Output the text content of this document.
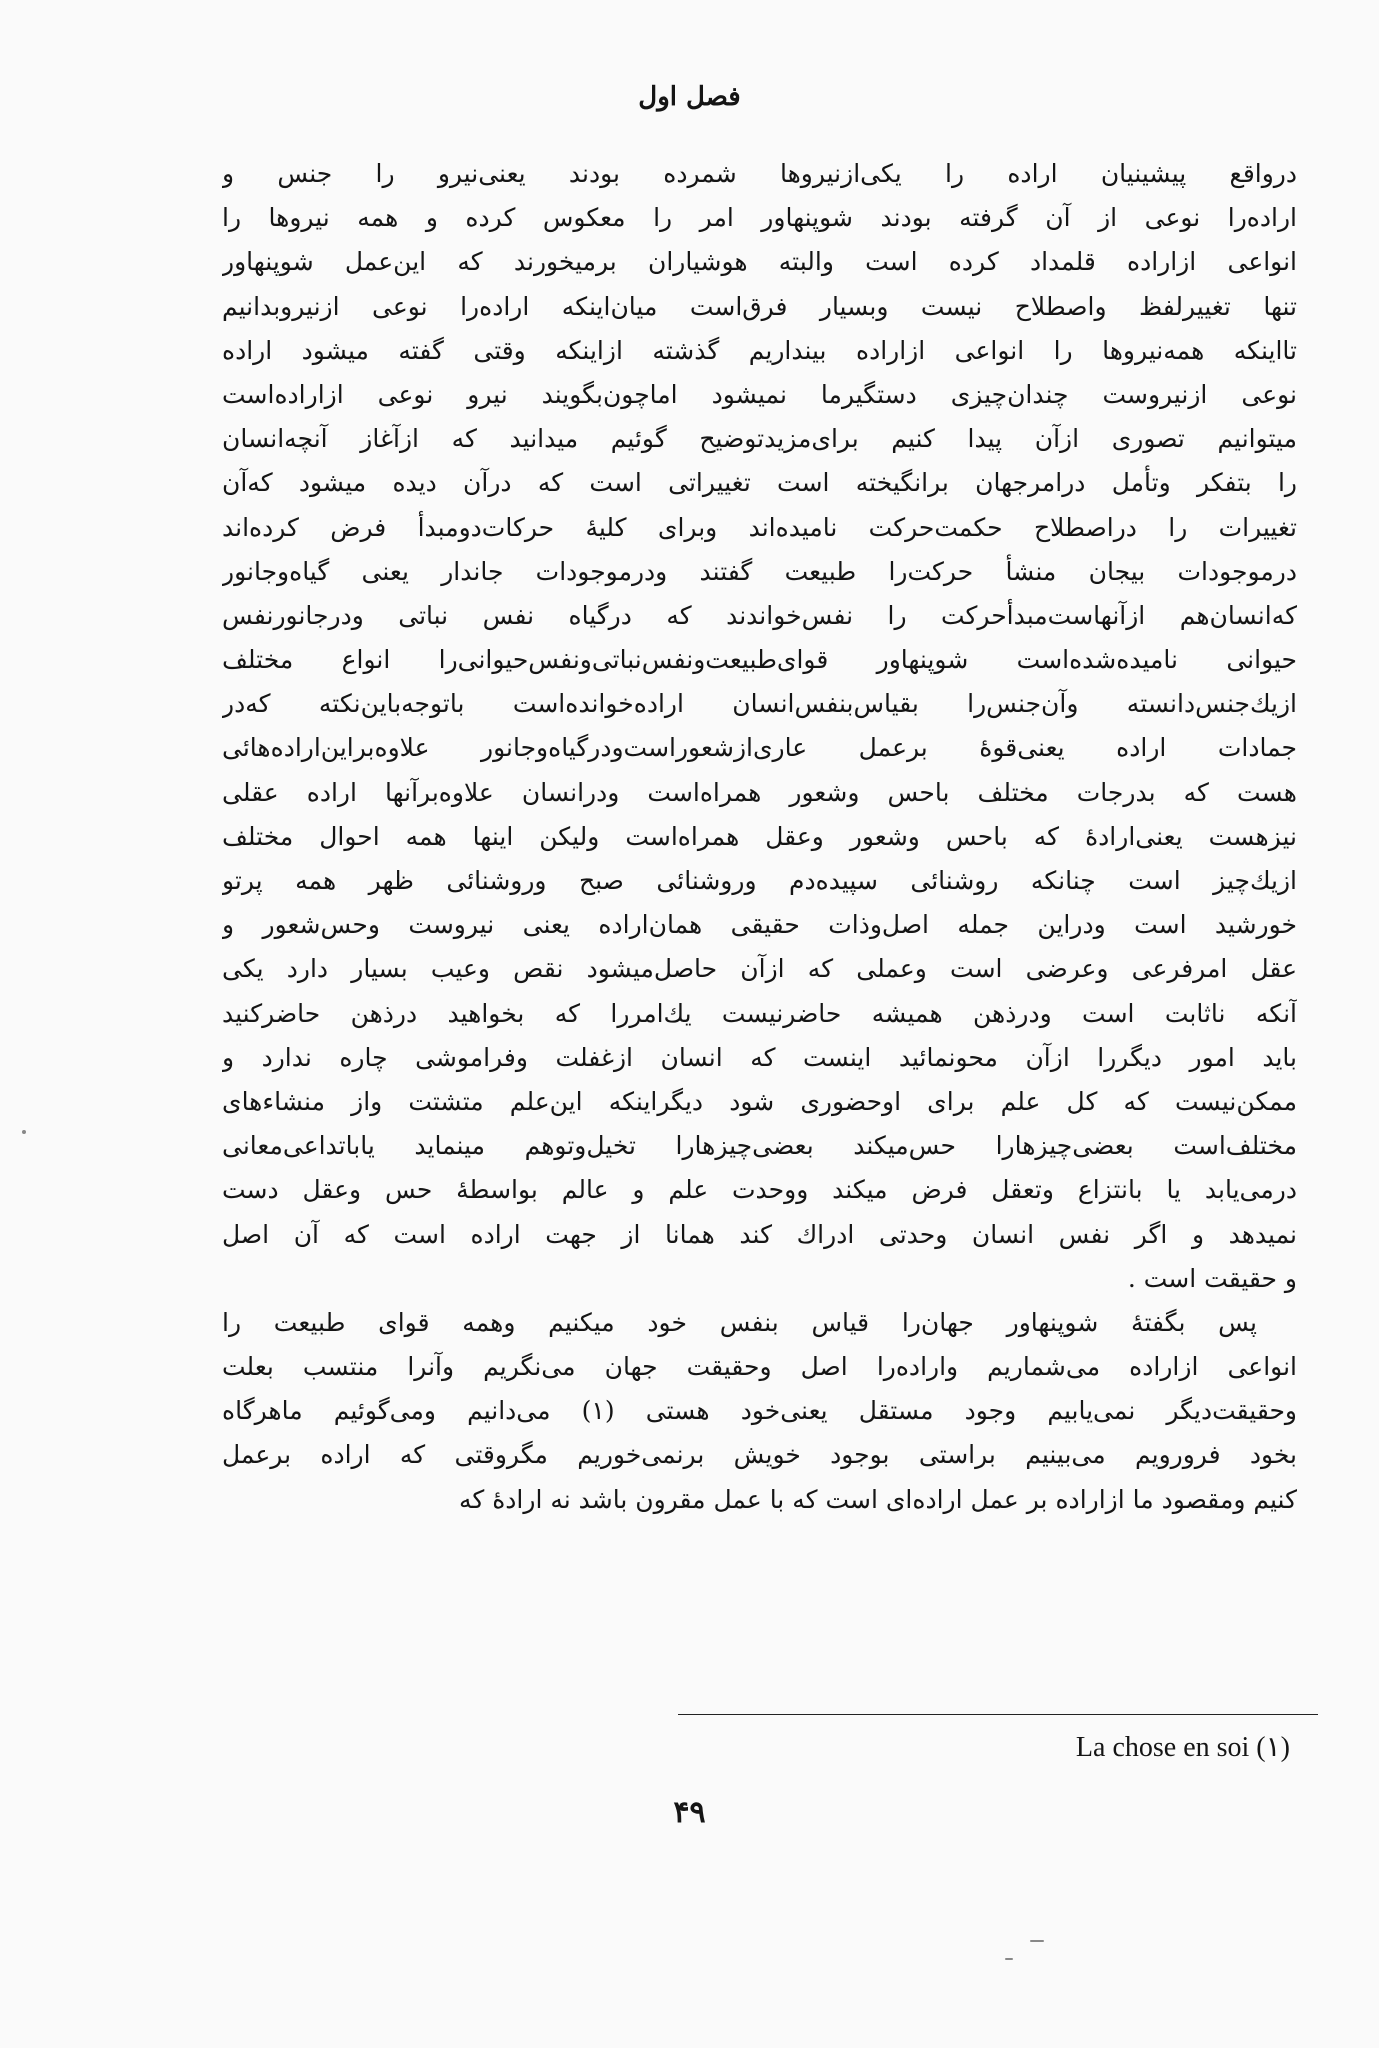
فصل اول
درواقع پیشینیان اراده را یکی‌ازنیروها شمرده بودند یعنی‌نیرو را جنس و
اراده‌را نوعی از آن گرفته بودند شوپنهاور امر را معکوس کرده و همه نیروها را
انواعی ازاراده قلمداد کرده است والبته هوشیاران برمیخورند که این‌عمل شوپنهاور
تنها تغییرلفظ واصطلاح نیست وبسیار فرق‌است میان‌اینکه اراده‌را نوعی ازنیروبدانیم
تااینکه همه‌نیروها را انواعی ازاراده بینداریم گذشته ازاینکه وقتی گفته میشود اراده
نوعی ازنیروست چندان‌چیزی دستگیرما نمیشود اماچون‌بگویند نیرو نوعی ازاراده‌است
میتوانیم تصوری ازآن پیدا کنیم برای‌مزید‌توضیح گوئیم میدانید که ازآغاز آنچه‌انسان
را بتفکر وتأمل درامرجهان برانگیخته است تغییراتی است که درآن دیده میشود که‌آن
تغییرات را دراصطلاح حکمت‌حرکت نامیده‌اند وبرای کلیهٔ حرکات‌دومبدأ فرض کرده‌اند
درموجودات بیجان منشأ حرکت‌را طبیعت گفتند ودرموجودات جاندار یعنی گیاه‌وجانور
که‌انسان‌هم ازآنهاست‌مبدأحرکت را نفس‌خواندند که درگیاه نفس نباتی ودرجانورنفس
حیوانی نامیده‌شده‌است شوپنهاور قوای‌طبیعت‌ونفس‌نباتی‌ونفس‌حیوانی‌را انواع مختلف
ازیك‌جنس‌دانسته وآن‌جنس‌را بقیاس‌بنفس‌انسان اراده‌خوانده‌است باتوجه‌باین‌نکته که‌در
جمادات اراده یعنی‌قوهٔ برعمل عاری‌ازشعوراست‌ودرگیاه‌وجانور علاوه‌براین‌اراده‌هائی
هست که بدرجات مختلف باحس وشعور همراه‌است ودرانسان علاوه‌برآنها اراده عقلی
نیزهست یعنی‌ارادهٔ که باحس وشعور وعقل همراه‌است ولیکن اینها همه احوال مختلف
ازیك‌چیز است چنانکه روشنائی سپیده‌دم وروشنائی صبح وروشنائی ظهر همه پرتو
خورشید است ودراین جمله اصل‌وذات حقیقی همان‌اراده یعنی نیروست وحس‌شعور و
عقل امرفرعی وعرضی است وعملی که ازآن حاصل‌میشود نقص وعیب بسیار دارد یکی
آنکه ناثابت است ودرذهن همیشه حاضرنیست یك‌امررا که بخواهید درذهن حاضرکنید
باید امور دیگررا ازآن محونمائید اینست که انسان ازغفلت وفراموشی چاره ندارد و
ممکن‌نیست که کل علم برای اوحضوری شود دیگراینکه این‌علم متشتت واز منشاءهای
مختلف‌است بعضی‌چیزهارا حس‌میکند بعضی‌چیزهارا تخیل‌وتوهم مینماید یاباتداعی‌معانی
درمی‌یابد یا بانتزاع وتعقل فرض میکند ووحدت علم و عالم بواسطهٔ حس وعقل دست
نمیدهد و اگر نفس انسان وحدتی ادراك کند همانا از جهت اراده است که آن اصل
و حقیقت است .
پس بگفتهٔ شوپنهاور جهان‌را قیاس بنفس خود میکنیم وهمه قوای طبیعت را
انواعی ازاراده می‌شماریم واراده‌را اصل وحقیقت جهان می‌نگریم وآنرا منتسب بعلت
وحقیقت‌دیگر نمی‌یابیم وجود مستقل یعنی‌خود هستی (۱) می‌دانیم ومی‌گوئیم ماهرگاه
بخود فرورویم می‌بینیم براستی بوجود خویش برنمی‌خوریم مگروقتی که اراده برعمل
کنیم ومقصود ما ازاراده بر عمل اراده‌ای است که با عمل مقرون باشد نه ارادهٔ که
La chose en soi (۱)
۴۹
